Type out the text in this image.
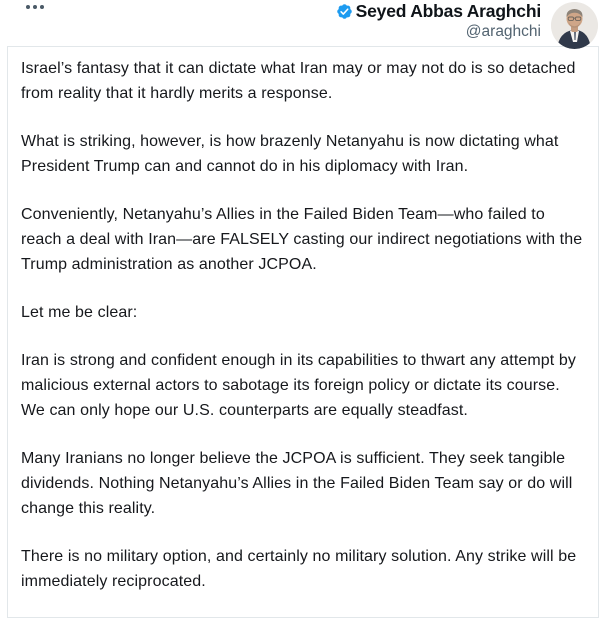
Seyed Abbas Araghchi
@araghchi

Israel’s fantasy that it can dictate what Iran may or may not do is so detached from reality that it hardly merits a response.

What is striking, however, is how brazenly Netanyahu is now dictating what President Trump can and cannot do in his diplomacy with Iran.

Conveniently, Netanyahu’s Allies in the Failed Biden Team—who failed to reach a deal with Iran—are FALSELY casting our indirect negotiations with the Trump administration as another JCPOA.

Let me be clear:

Iran is strong and confident enough in its capabilities to thwart any attempt by malicious external actors to sabotage its foreign policy or dictate its course. We can only hope our U.S. counterparts are equally steadfast.

Many Iranians no longer believe the JCPOA is sufficient. They seek tangible dividends. Nothing Netanyahu’s Allies in the Failed Biden Team say or do will change this reality.

There is no military option, and certainly no military solution. Any strike will be immediately reciprocated.
